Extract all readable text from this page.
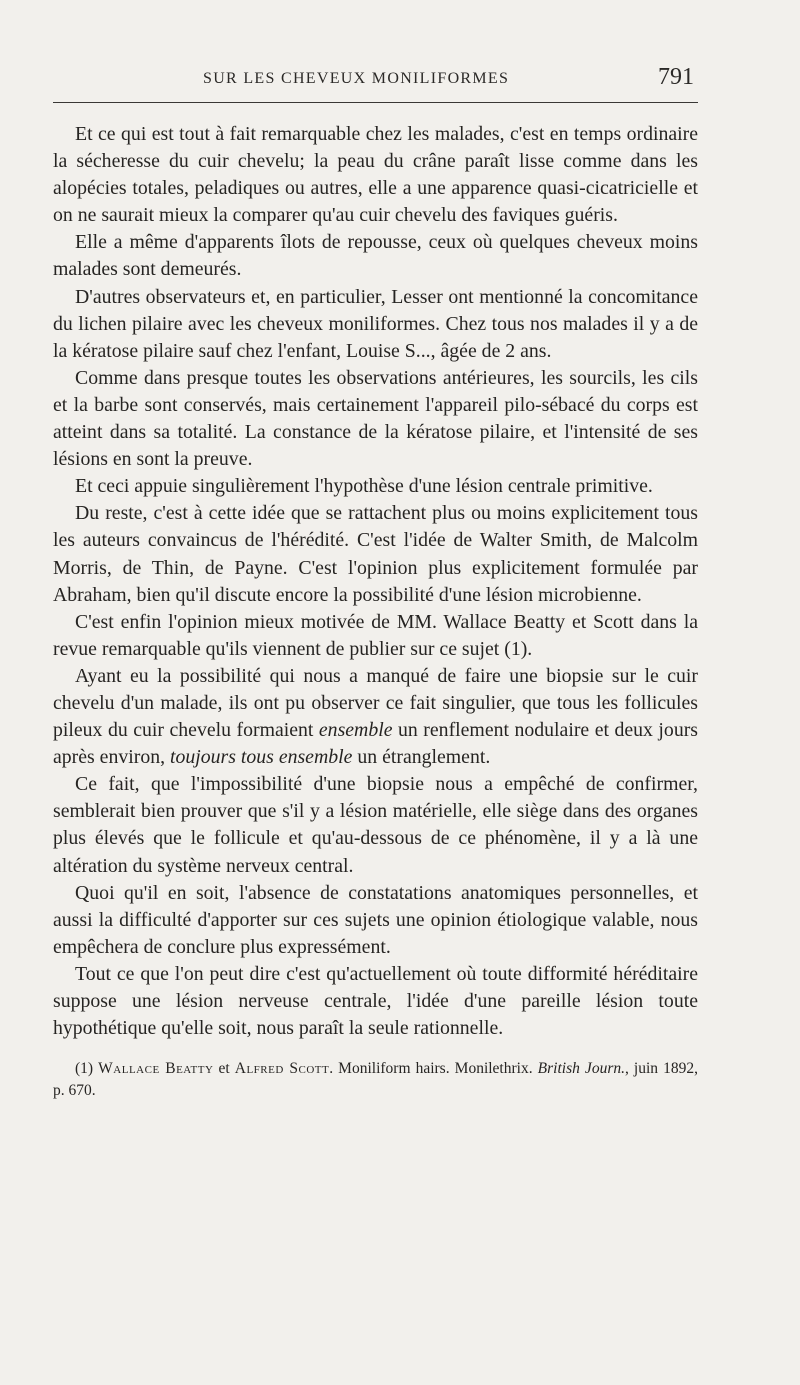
SUR LES CHEVEUX MONILIFORMES	791

Et ce qui est tout à fait remarquable chez les malades, c'est en temps ordinaire la sécheresse du cuir chevelu; la peau du crâne paraît lisse comme dans les alopécies totales, peladiques ou autres, elle a une apparence quasi-cicatricielle et on ne saurait mieux la comparer qu'au cuir chevelu des faviques guéris.

Elle a même d'apparents îlots de repousse, ceux où quelques cheveux moins malades sont demeurés.

D'autres observateurs et, en particulier, Lesser ont mentionné la concomitance du lichen pilaire avec les cheveux moniliformes. Chez tous nos malades il y a de la kératose pilaire sauf chez l'enfant, Louise S..., âgée de 2 ans.

Comme dans presque toutes les observations antérieures, les sourcils, les cils et la barbe sont conservés, mais certainement l'appareil pilo-sébacé du corps est atteint dans sa totalité. La constance de la kératose pilaire, et l'intensité de ses lésions en sont la preuve.

Et ceci appuie singulièrement l'hypothèse d'une lésion centrale primitive.

Du reste, c'est à cette idée que se rattachent plus ou moins explicitement tous les auteurs convaincus de l'hérédité. C'est l'idée de Walter Smith, de Malcolm Morris, de Thin, de Payne. C'est l'opinion plus explicitement formulée par Abraham, bien qu'il discute encore la possibilité d'une lésion microbienne.

C'est enfin l'opinion mieux motivée de MM. Wallace Beatty et Scott dans la revue remarquable qu'ils viennent de publier sur ce sujet (1).

Ayant eu la possibilité qui nous a manqué de faire une biopsie sur le cuir chevelu d'un malade, ils ont pu observer ce fait singulier, que tous les follicules pileux du cuir chevelu formaient ensemble un renflement nodulaire et deux jours après environ, toujours tous ensemble un étranglement.

Ce fait, que l'impossibilité d'une biopsie nous a empêché de confirmer, semblerait bien prouver que s'il y a lésion matérielle, elle siège dans des organes plus élevés que le follicule et qu'au-dessous de ce phénomène, il y a là une altération du système nerveux central.

Quoi qu'il en soit, l'absence de constatations anatomiques personnelles, et aussi la difficulté d'apporter sur ces sujets une opinion étiologique valable, nous empêchera de conclure plus expressément.

Tout ce que l'on peut dire c'est qu'actuellement où toute difformité héréditaire suppose une lésion nerveuse centrale, l'idée d'une pareille lésion toute hypothétique qu'elle soit, nous paraît la seule rationnelle.

(1) Wallace Beatty et Alfred Scott. Moniliform hairs. Monilethrix. British Journ., juin 1892, p. 670.
